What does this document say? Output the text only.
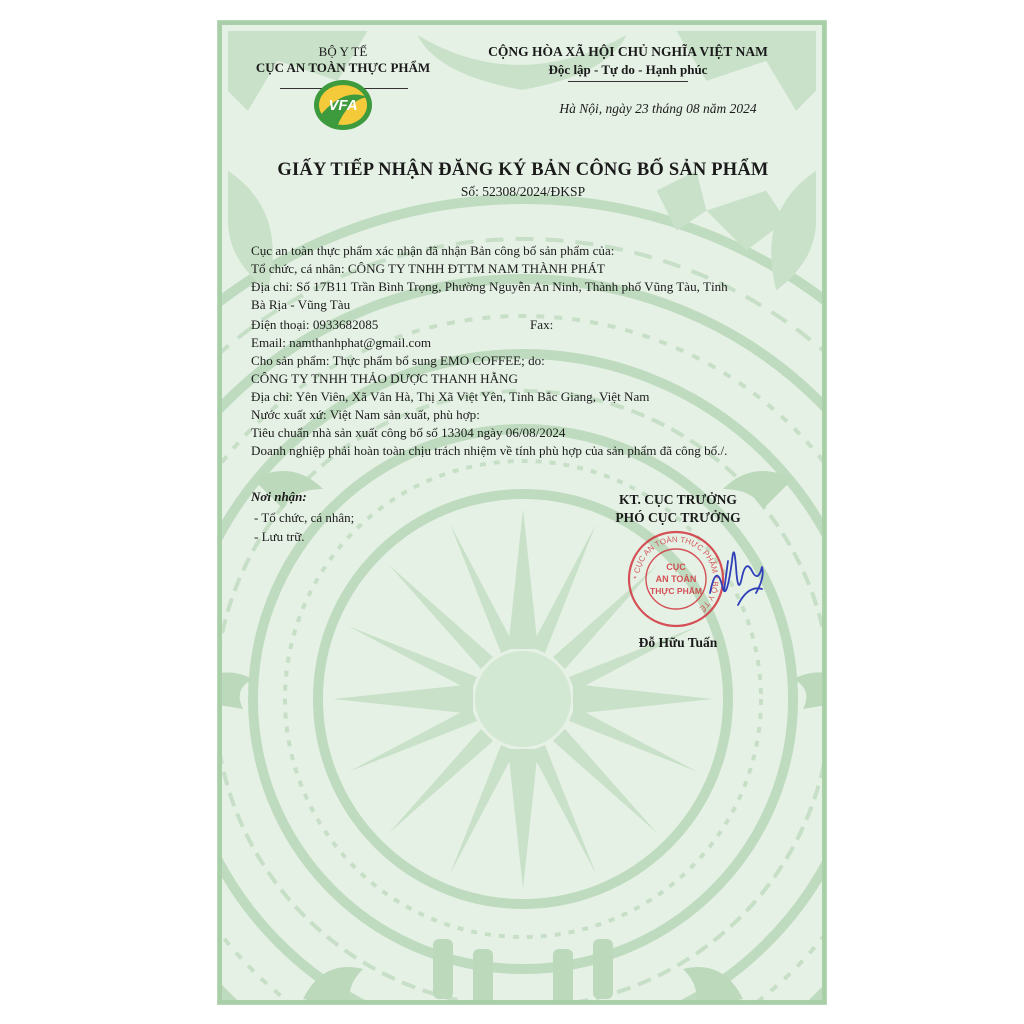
BỘ Y TẾ
CỤC AN TOÀN THỰC PHẨM
VFA
CỘNG HÒA XÃ HỘI CHỦ NGHĨA VIỆT NAM
Độc lập - Tự do - Hạnh phúc
Hà Nội, ngày 23 tháng 08 năm 2024
GIẤY TIẾP NHẬN ĐĂNG KÝ BẢN CÔNG BỐ SẢN PHẨM
Số: 52308/2024/ĐKSP
Cục an toàn thực phẩm xác nhận đã nhận Bản công bố sản phẩm của:
Tổ chức, cá nhân: CÔNG TY TNHH ĐTTM NAM THÀNH PHÁT
Địa chỉ: Số 17B11 Trần Bình Trọng, Phường Nguyễn An Ninh, Thành phố Vũng Tàu, Tỉnh
Bà Rịa - Vũng Tàu
Điện thoại: 0933682085	Fax:
Email: namthanhphat@gmail.com
Cho sản phẩm: Thực phẩm bổ sung EMO COFFEE; do:
CÔNG TY TNHH THẢO DƯỢC THANH HẰNG
Địa chỉ: Yên Viên, Xã Vân Hà, Thị Xã Việt Yên, Tỉnh Bắc Giang, Việt Nam
Nước xuất xứ: Việt Nam sản xuất, phù hợp:
Tiêu chuẩn nhà sản xuất công bố số 13304 ngày 06/08/2024
Doanh nghiệp phải hoàn toàn chịu trách nhiệm về tính phù hợp của sản phẩm đã công bố./.
Nơi nhận:
- Tổ chức, cá nhân;
- Lưu trữ.
KT. CỤC TRƯỞNG
PHÓ CỤC TRƯỞNG
* CỤC AN TOÀN THỰC PHẨM * BỘ Y TẾ
CỤC
AN TOÀN
THỰC PHẨM
Đỗ Hữu Tuấn
